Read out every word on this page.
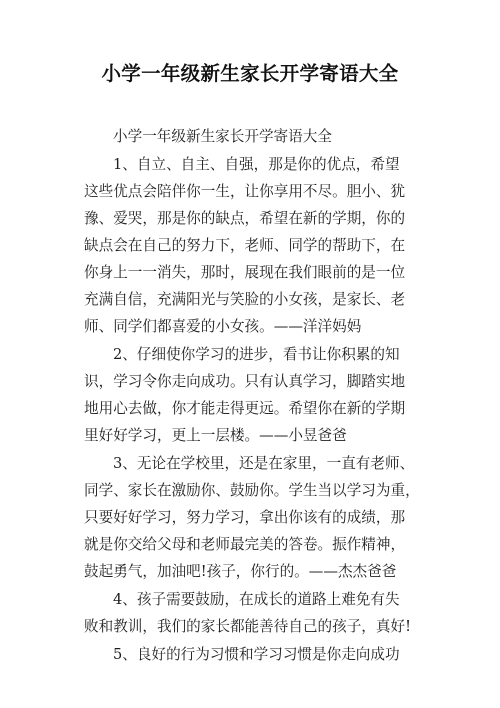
小学一年级新生家长开学寄语大全
小学一年级新生家长开学寄语大全
1、自立、自主、自强，那是你的优点，希望
这些优点会陪伴你一生，让你享用不尽。胆小、犹
豫、爱哭，那是你的缺点，希望在新的学期，你的
缺点会在自己的努力下，老师、同学的帮助下，在
你身上一一消失，那时，展现在我们眼前的是一位
充满自信，充满阳光与笑脸的小女孩，是家长、老
师、同学们都喜爱的小女孩。——洋洋妈妈
2、仔细使你学习的进步，看书让你积累的知
识，学习令你走向成功。只有认真学习，脚踏实地
地用心去做，你才能走得更远。希望你在新的学期
里好好学习，更上一层楼。——小昱爸爸
3、无论在学校里，还是在家里，一直有老师、
同学、家长在激励你、鼓励你。学生当以学习为重，
只要好好学习，努力学习，拿出你该有的成绩，那
就是你交给父母和老师最完美的答卷。振作精神，
鼓起勇气，加油吧!孩子，你行的。——杰杰爸爸
4、孩子需要鼓励，在成长的道路上难免有失
败和教训，我们的家长都能善待自己的孩子，真好!
5、良好的行为习惯和学习习惯是你走向成功
